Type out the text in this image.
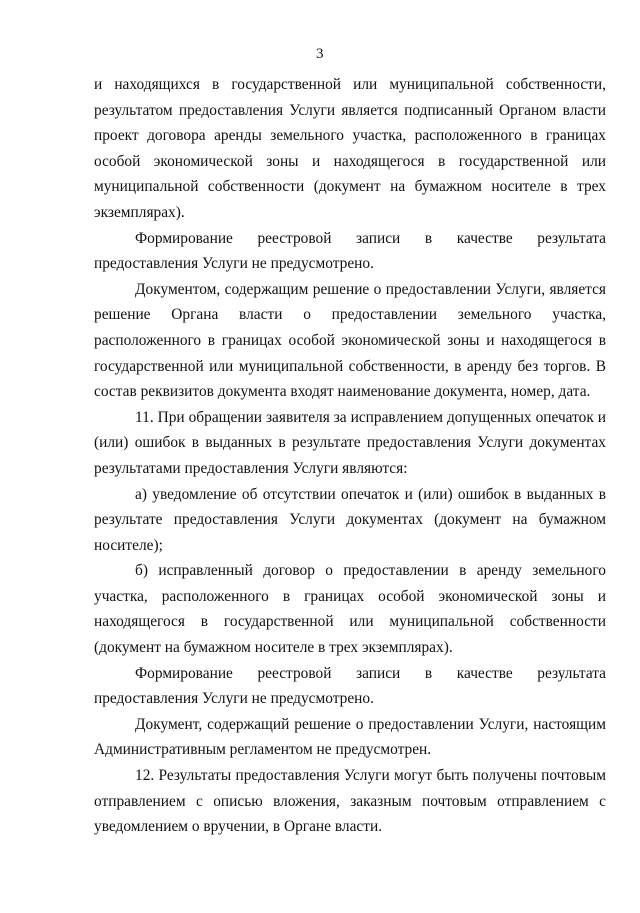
3

и находящихся в государственной или муниципальной собственности, результатом предоставления Услуги является подписанный Органом власти проект договора аренды земельного участка, расположенного в границах особой экономической зоны и находящегося в государственной или муниципальной собственности (документ на бумажном носителе в трех экземплярах).

Формирование реестровой записи в качестве результата предоставления Услуги не предусмотрено.

Документом, содержащим решение о предоставлении Услуги, является решение Органа власти о предоставлении земельного участка, расположенного в границах особой экономической зоны и находящегося в государственной или муниципальной собственности, в аренду без торгов. В состав реквизитов документа входят наименование документа, номер, дата.

11. При обращении заявителя за исправлением допущенных опечаток и (или) ошибок в выданных в результате предоставления Услуги документах результатами предоставления Услуги являются:

а) уведомление об отсутствии опечаток и (или) ошибок в выданных в результате предоставления Услуги документах (документ на бумажном носителе);

б) исправленный договор о предоставлении в аренду земельного участка, расположенного в границах особой экономической зоны и находящегося в государственной или муниципальной собственности (документ на бумажном носителе в трех экземплярах).

Формирование реестровой записи в качестве результата предоставления Услуги не предусмотрено.

Документ, содержащий решение о предоставлении Услуги, настоящим Административным регламентом не предусмотрен.

12. Результаты предоставления Услуги могут быть получены почтовым отправлением с описью вложения, заказным почтовым отправлением с уведомлением о вручении, в Органе власти.
